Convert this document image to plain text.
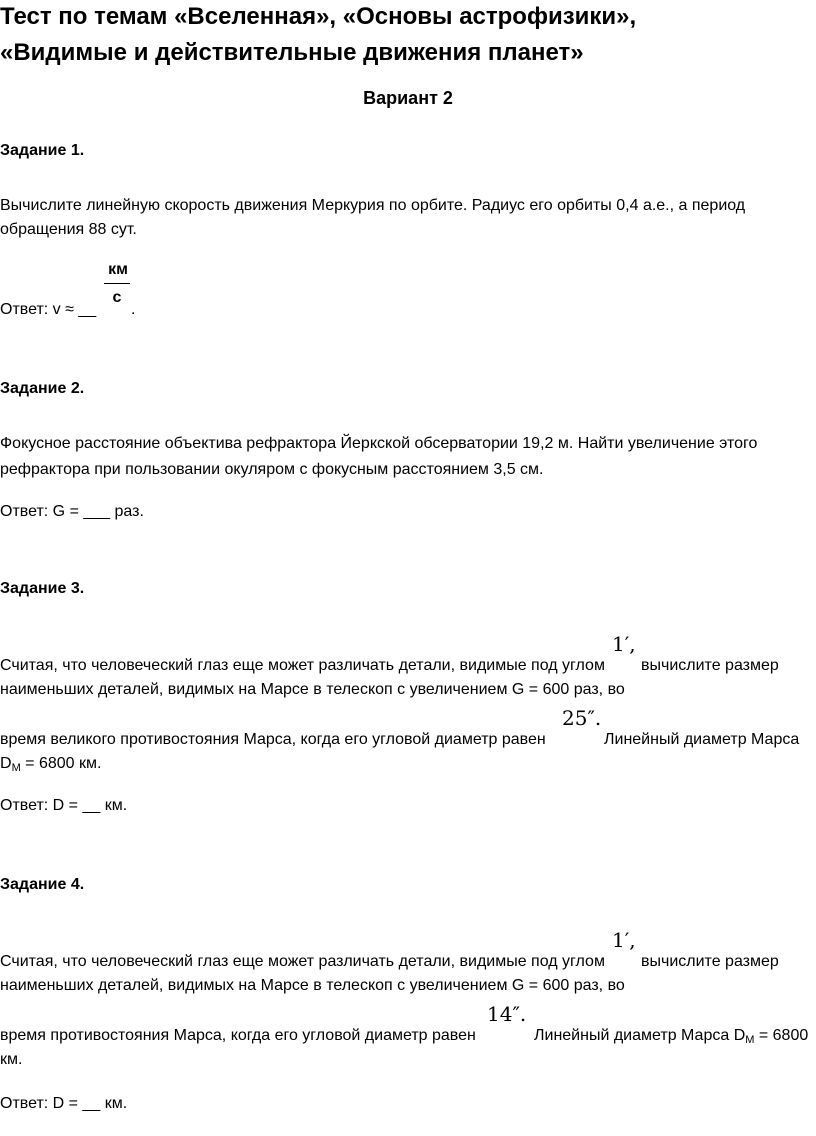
Тест по темам «Вселенная», «Основы астрофизики»,
«Видимые и действительные движения планет»
Вариант 2
Задание 1.
Вычислите линейную скорость движения Меркурия по орбите. Радиус его орбиты 0,4 а.е., а период
обращения 88 сут.
Ответ: v ≈ __
км
с
.
Задание 2.
Фокусное расстояние объектива рефрактора Йеркской обсерватории 19,2 м. Найти увеличение этого
рефрактора при пользовании окуляром с фокусным расстоянием 3,5 см.
Ответ: G = ___ раз.
Задание 3.
Считая, что человеческий глаз еще может различать детали, видимые под углом
1′,
вычислите размер
наименьших деталей, видимых на Марсе в телескоп с увеличением G = 600 раз, во
время великого противостояния Марса, когда его угловой диаметр равен
25″.
Линейный диаметр Марса
$D_М = 6800$ км.
Ответ: D = __ км.
Задание 4.
Считая, что человеческий глаз еще может различать детали, видимые под углом
1′,
вычислите размер
наименьших деталей, видимых на Марсе в телескоп с увеличением G = 600 раз, во
время противостояния Марса, когда его угловой диаметр равен
14″.
Линейный диаметр Марса $D_М = 6800$
км.
Ответ: D = __ км.
